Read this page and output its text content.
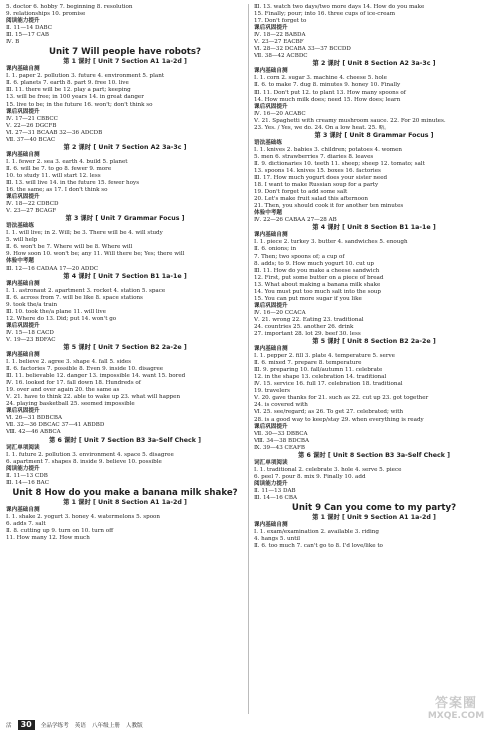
5. doctor 6. hobby 7. beginning 8. resolution
9. relationships 10. promise
阅读能力提升
Ⅱ. 11—14 DABC
Ⅲ. 15—17 CAB
Ⅳ. B
Unit 7 Will people have robots?
第 1 课时 [ Unit 7 Section A1 1a-2d ]
课内基础自测
Ⅰ. 1. paper 2. pollution 3. future 4. environment 5. plant
Ⅱ. 6. planets 7. earth 8. part 9. free 10. live
Ⅲ. 11. there will be 12. play a part; keeping
13. will be free; in 100 years 14. in great danger
15. live to be; in the future 16. won't; don't think so
课后巩固提升
Ⅳ. 17—21 CBBCC
Ⅴ. 22—26 DGCFB
Ⅵ. 27—31 BCAAB 32—36 ADCDB
Ⅶ. 37—40 BCAC
第 2 课时 [ Unit 7 Section A2 3a-3c ]
课内基础自测
Ⅰ. 1. fewer 2. sea 3. earth 4. build 5. planet
Ⅱ. 6. will be 7. to go 8. fewer 9. more
10. to study 11. will start 12. less
Ⅲ. 13. will live 14. in the future 15. fewer hoys
16. the same; as 17. I don't think so
课后巩固提升
Ⅳ. 18—22 CDBCD
Ⅴ. 23—27 BCAGF
第 3 课时 [ Unit 7 Grammar Focus ]
语法基础练
Ⅰ. 1. will live; in 2. Will; be 3. There will be 4. will study
5. will help
Ⅱ. 6. won't be 7. Where will be 8. Where will
9. How soon 10. won't be; any 11. Will there be; Yes; there will
体验中考题
Ⅲ. 12—16 CADAA 17—20 ADDC
第 4 课时 [ Unit 7 Section B1 1a-1e ]
课内基础自测
Ⅰ. 1. astronaut 2. apartment 3. rocket 4. station 5. space
Ⅱ. 6. across from 7. will be like 8. space stations
9. took the/a train
Ⅲ. 10. took the/a plane 11. will live
12. Where do 13. Did; put 14. won't go
课后巩固提升
Ⅳ. 15—18 CACD
Ⅴ. 19—23 BDFAC
第 5 课时 [ Unit 7 Section B2 2a-2e ]
课内基础自测
Ⅰ. 1. believe 2. agree 3. shape 4. fall 5. sides
Ⅱ. 6. factories 7. possible 8. Even 9. inside 10. disagree
Ⅲ. 11. believable 12. danger 13. impossible 14. want 15. bored
Ⅳ. 16. looked for 17. fall down 18. Hundreds of
19. over and over again 20. the same as
Ⅴ. 21. have to think 22. able to wake up 23. what will happen
24. playing basketball 25. seemed impossible
课后巩固提升
Ⅵ. 26—31 BDBCBA
Ⅶ. 32—36 DBCAC 37—41 ABDBD
Ⅷ. 42—46 ABBCA
第 6 课时 [ Unit 7 Section B3 3a-Self Check ]
词汇单项阅读
Ⅰ. 1. future 2. pollution 3. environment 4. space 5. disagree
6. apartment 7. shapes 8. inside 9. believe 10. possible
阅读能力提升
Ⅱ. 11—13 CDB
Ⅲ. 14—16 BAC
Unit 8 How do you make a banana milk shake?
第 1 课时 [ Unit 8 Section A1 1a-2d ]
课内基础自测
Ⅰ. 1. shake 2. yogurt 3. honey 4. watermelons 5. spoon
6. adds 7. salt
Ⅱ. 8. cutting up 9. turn on 10. turn off
11. How many 12. How much
Ⅲ. 13. watch two days/two more days 14. How do you make
15. Finally; pour; into 16. three cups of ice-cream
17. Don't forget to
课后巩固提升
Ⅳ. 18—22 BABDA
Ⅴ. 23—27 EACBF
Ⅵ. 28—32 DCABA 33—37 BCCDD
Ⅶ. 38—42 ACBDC
第 2 课时 [ Unit 8 Section A2 3a-3c ]
课内基础自测
Ⅰ. 1. corn 2. sugar 3. machine 4. cheese 5. hole
Ⅱ. 6. to make 7. dug 8. minutes 9. honey 10. Finally
Ⅲ. 11. Don't put 12. to plant 13. How many spoons of
14. How much milk does; need 15. How does; learn
课后巩固提升
Ⅳ. 16—20 ACABC
Ⅴ. 21. Spaghetti with creamy mushroom sauce. 22. For 20 minutes.
23. Yes. / Yes, we do. 24. On a low heat. 25. 略。
第 3 课时 [ Unit 8 Grammar Focus ]
语法基础练
Ⅰ. 1. knives 2. babies 3. children; potatoes 4. women
5. men 6. strawberries 7. diaries 8. leaves
Ⅱ. 9. dictionaries 10. teeth 11. sheep; sheep 12. tomato; salt
13. spoons 14. knives 15. boxes 16. factories
Ⅲ. 17. How much yogurt does your sister need
18. I want to make Russian soup for a party
19. Don't forget to add some salt
20. Let's make fruit salad this afternoon
21. Then, you should cook it for another ten minutes
体验中考题
Ⅳ. 22—26 CABAA 27—28 AB
第 4 课时 [ Unit 8 Section B1 1a-1e ]
课内基础自测
Ⅰ. 1. piece 2. turkey 3. butter 4. sandwiches 5. enough
Ⅱ. 6. onions; in
7. Then; two spoons of; a cup of
8. adds; to 9. How much yogurt 10. cut up
Ⅲ. 11. How do you make a cheese sandwich
12. First, put some butter on a piece of bread
13. What about making a banana milk shake
14. You must put too much salt into the soup
15. You can put more sugar if you like
课后巩固提升
Ⅳ. 16—20 CCACA
Ⅴ. 21. wrong 22. Eating 23. traditional
24. countries 25. another 26. drink
27. important 28. lot 29. beef 30. less
第 5 课时 [ Unit 8 Section B2 2a-2e ]
课内基础自测
Ⅰ. 1. pepper 2. fill 3. plate 4. temperature 5. serve
Ⅱ. 6. mixed 7. prepare 8. temperature
Ⅲ. 9. preparing 10. fall/autumn 11. celebrate
12. in the shape 13. celebration 14. traditional
Ⅳ. 15. service 16. full 17. celebration 18. traditional
19. travelers
Ⅴ. 20. gave thanks for 21. such as 22. cut up 23. got together
24. is covered with
Ⅵ. 25. see/regard; as 26. To get 27. celebrated; with
28. is a good way to keep/stay 29. when everything is ready
课后巩固提升
Ⅶ. 30—33 DBBCA
Ⅷ. 34—38 BDCBA
Ⅸ. 39—43 CEAFB
第 6 课时 [ Unit 8 Section B3 3a-Self Check ]
词汇单项阅读
Ⅰ. 1. traditional 2. celebrate 3. hole 4. serve 5. piece
6. peel 7. pour 8. mix 9. Finally 10. add
阅读能力提升
Ⅱ. 11—13 DAB
Ⅲ. 14—16 CBA
Unit 9 Can you come to my party?
第 1 课时 [ Unit 9 Section A1 1a-2d ]
课内基础自测
Ⅰ. 1. exam/examination 2. available 3. riding
4. hangs 5. until
Ⅱ. 6. too much 7. can't go to 8. I'd love/like to
活	30	全品学练考 英语 八年级上册 人教版
答案圈
MXQE.COM
